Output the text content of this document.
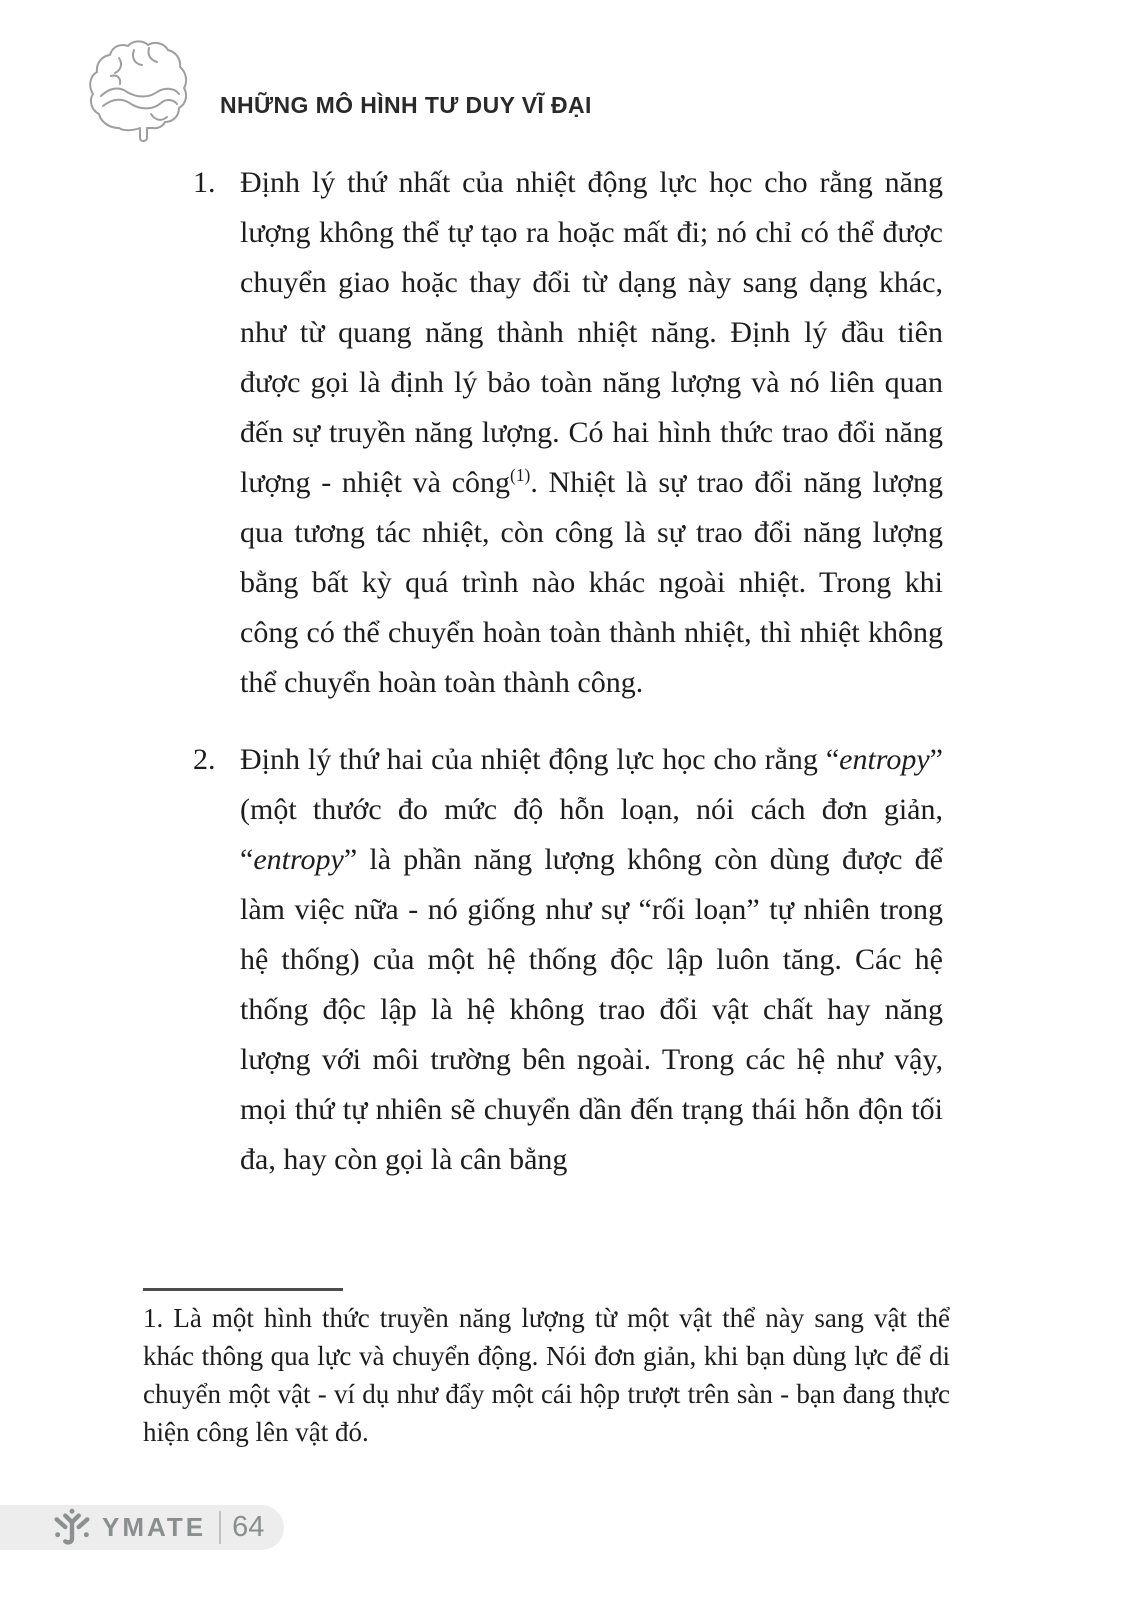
NHỮNG MÔ HÌNH TƯ DUY VĨ ĐẠI
1. Định lý thứ nhất của nhiệt động lực học cho rằng năng lượng không thể tự tạo ra hoặc mất đi; nó chỉ có thể được chuyển giao hoặc thay đổi từ dạng này sang dạng khác, như từ quang năng thành nhiệt năng. Định lý đầu tiên được gọi là định lý bảo toàn năng lượng và nó liên quan đến sự truyền năng lượng. Có hai hình thức trao đổi năng lượng - nhiệt và công$^{(1)}$. Nhiệt là sự trao đổi năng lượng qua tương tác nhiệt, còn công là sự trao đổi năng lượng bằng bất kỳ quá trình nào khác ngoài nhiệt. Trong khi công có thể chuyển hoàn toàn thành nhiệt, thì nhiệt không thể chuyển hoàn toàn thành công.
2. Định lý thứ hai của nhiệt động lực học cho rằng “entropy” (một thước đo mức độ hỗn loạn, nói cách đơn giản, “entropy” là phần năng lượng không còn dùng được để làm việc nữa - nó giống như sự “rối loạn” tự nhiên trong hệ thống) của một hệ thống độc lập luôn tăng. Các hệ thống độc lập là hệ không trao đổi vật chất hay năng lượng với môi trường bên ngoài. Trong các hệ như vậy, mọi thứ tự nhiên sẽ chuyển dần đến trạng thái hỗn độn tối đa, hay còn gọi là cân bằng

1. Là một hình thức truyền năng lượng từ một vật thể này sang vật thể khác thông qua lực và chuyển động. Nói đơn giản, khi bạn dùng lực để di chuyển một vật - ví dụ như đẩy một cái hộp trượt trên sàn - bạn đang thực hiện công lên vật đó.

YMATE 64
